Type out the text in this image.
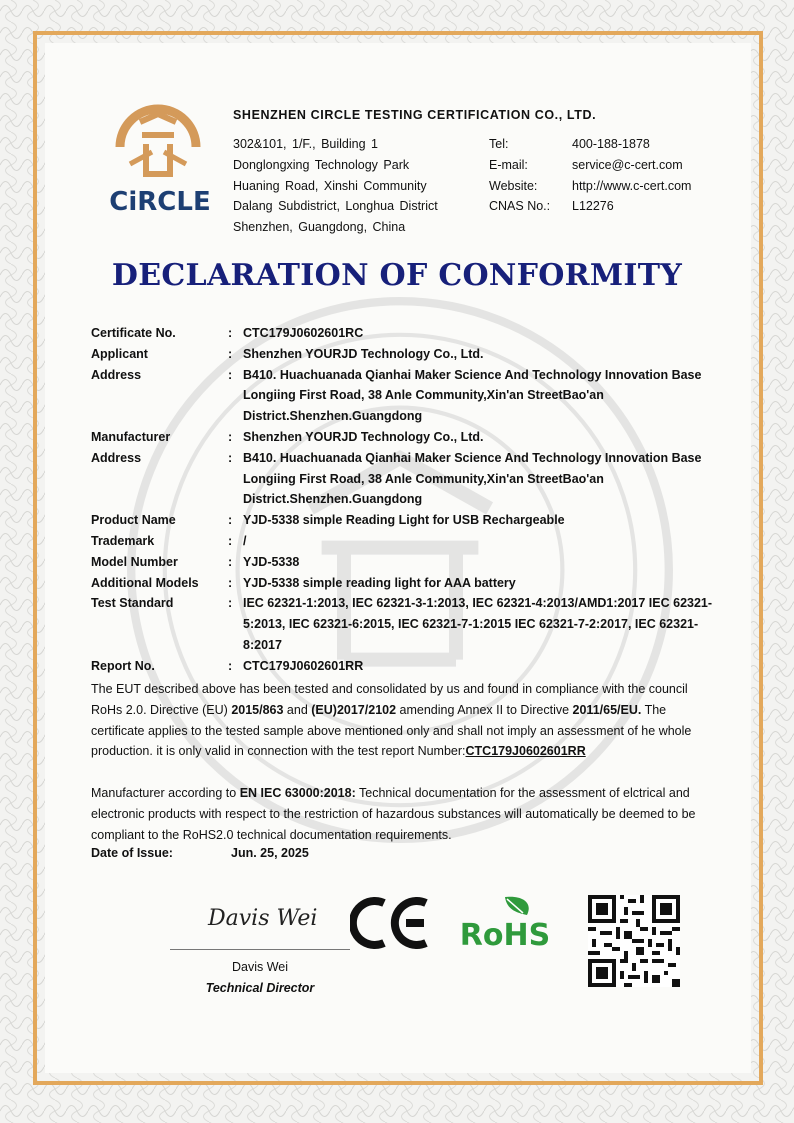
CiRCLE
SHENZHEN CIRCLE TESTING CERTIFICATION CO., LTD.
302&101, 1/F., Building 1
Donglongxing Technology Park
Huaning Road, Xinshi Community
Dalang Subdistrict, Longhua District
Shenzhen, Guangdong, China
Tel:	400-188-1878
E-mail:	service@c-cert.com
Website:	http://www.c-cert.com
CNAS No.:	L12276
DECLARATION OF CONFORMITY
Certificate No.	: CTC179J0602601RC
Applicant	: Shenzhen YOURJD Technology Co., Ltd.
Address	: B410. Huachuanada Qianhai Maker Science And Technology Innovation Base Longiing First Road, 38 Anle Community,Xin'an StreetBao'an District.Shenzhen.Guangdong
Manufacturer	: Shenzhen YOURJD Technology Co., Ltd.
Address	: B410. Huachuanada Qianhai Maker Science And Technology Innovation Base Longiing First Road, 38 Anle Community,Xin'an StreetBao'an District.Shenzhen.Guangdong
Product Name	: YJD-5338 simple Reading Light for USB Rechargeable
Trademark	: /
Model Number	: YJD-5338
Additional Models	: YJD-5338 simple reading light for AAA battery
Test Standard	: IEC 62321-1:2013, IEC 62321-3-1:2013, IEC 62321-4:2013/AMD1:2017 IEC 62321-5:2013, IEC 62321-6:2015, IEC 62321-7-1:2015 IEC 62321-7-2:2017, IEC 62321-8:2017
Report No.	: CTC179J0602601RR
The EUT described above has been tested and consolidated by us and found in compliance with the council RoHs 2.0. Directive (EU) 2015/863 and (EU)2017/2102 amending Annex II to Directive 2011/65/EU. The certificate applies to the tested sample above mentioned only and shall not imply an assessment of he whole production. it is only valid in connection with the test report Number:CTC179J0602601RR
Manufacturer according to EN IEC 63000:2018: Technical documentation for the assessment of elctrical and electronic products with respect to the restriction of hazardous substances will automatically be deemed to be compliant to the RoHS2.0 technical documentation requirements.
Date of Issue:	Jun. 25, 2025
Davis Wei
Davis Wei
Technical Director
RoHS
